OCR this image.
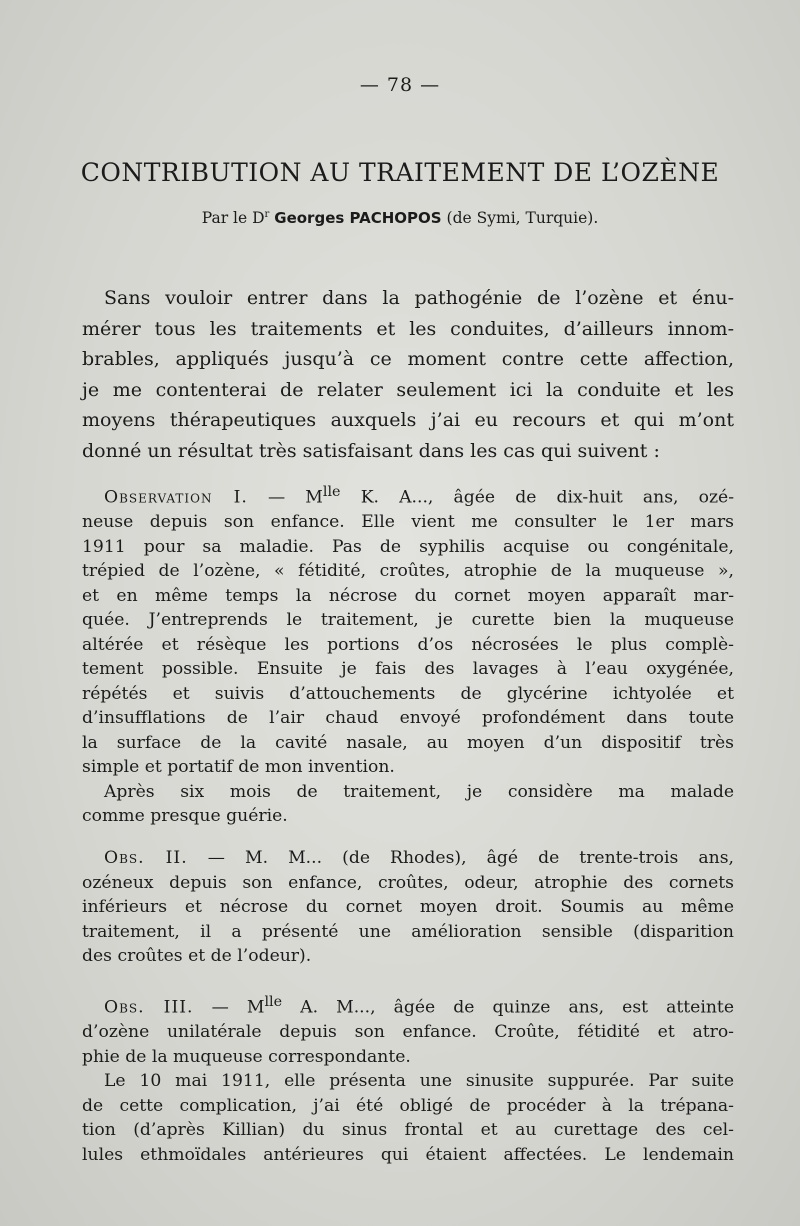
— 78 —
CONTRIBUTION AU TRAITEMENT DE L’OZÈNE
Par le $D^r$ Georges PACHOPOS (de Symi, Turquie).
Sans vouloir entrer dans la pathogénie de l’ozène et énu-
mérer tous les traitements et les conduites, d’ailleurs innom-
brables, appliqués jusqu’à ce moment contre cette affection,
je me contenterai de relater seulement ici la conduite et les
moyens thérapeutiques auxquels j’ai eu recours et qui m’ont
donné un résultat très satisfaisant dans les cas qui suivent :
Observation I. — $M^{lle}$ K. A..., âgée de dix-huit ans, ozé-
neuse depuis son enfance. Elle vient me consulter le 1er mars
1911 pour sa maladie. Pas de syphilis acquise ou congénitale,
trépied de l’ozène, « fétidité, croûtes, atrophie de la muqueuse »,
et en même temps la nécrose du cornet moyen apparaît mar-
quée. J’entreprends le traitement, je curette bien la muqueuse
altérée et résèque les portions d’os nécrosées le plus complè-
tement possible. Ensuite je fais des lavages à l’eau oxygénée,
répétés et suivis d’attouchements de glycérine ichtyolée et
d’insufflations de l’air chaud envoyé profondément dans toute
la surface de la cavité nasale, au moyen d’un dispositif très
simple et portatif de mon invention.
Après six mois de traitement, je considère ma malade
comme presque guérie.
Obs. II. — M. M... (de Rhodes), âgé de trente-trois ans,
ozéneux depuis son enfance, croûtes, odeur, atrophie des cornets
inférieurs et nécrose du cornet moyen droit. Soumis au même
traitement, il a présenté une amélioration sensible (disparition
des croûtes et de l’odeur).
Obs. III. — $M^{lle}$ A. M..., âgée de quinze ans, est atteinte
d’ozène unilatérale depuis son enfance. Croûte, fétidité et atro-
phie de la muqueuse correspondante.
Le 10 mai 1911, elle présenta une sinusite suppurée. Par suite
de cette complication, j’ai été obligé de procéder à la trépana-
tion (d’après Killian) du sinus frontal et au curettage des cel-
lules ethmoïdales antérieures qui étaient affectées. Le lendemain
